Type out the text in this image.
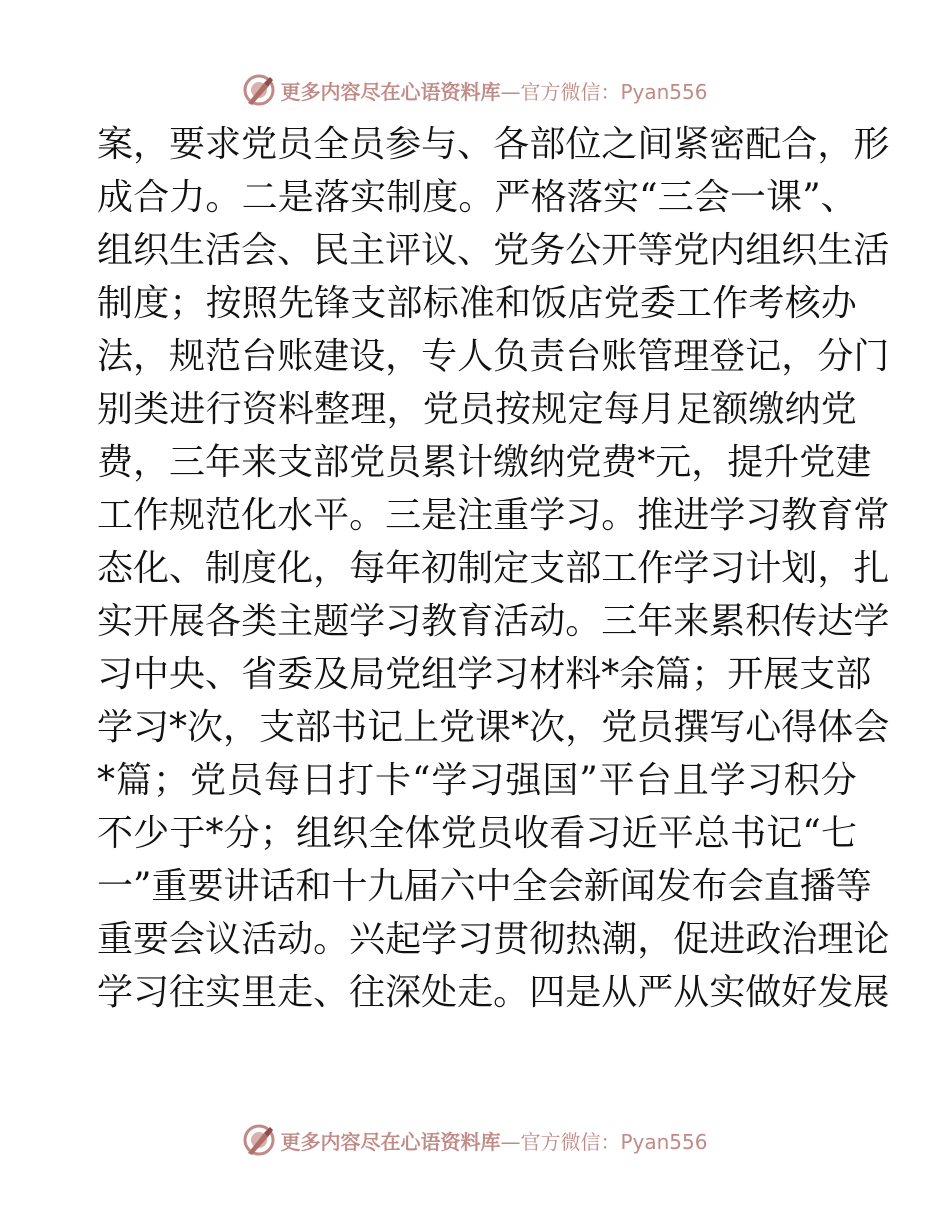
更多内容尽在心语资料库 —官方微信：Pyan556
案 ， 要 求 党 员 全 员 参 与 、 各 部 位 之 间 紧 密 配 合 ， 形
成 合 力 。 二 是 落 实 制 度 。 严 格 落 实 “ 三 会 一 课 ” 、
组 织 生 活 会 、 民 主 评 议 、 党 务 公 开 等 党 内 组 织 生 活
制 度 ； 按 照 先 锋 支 部 标 准 和 饭 店 党 委 工 作 考 核 办
法 ， 规 范 台 账 建 设 ， 专 人 负 责 台 账 管 理 登 记 ， 分 门
别 类 进 行 资 料 整 理 ， 党 员 按 规 定 每 月 足 额 缴 纳 党
费 ， 三 年 来 支 部 党 员 累 计 缴 纳 党 费 * 元 ， 提 升 党 建
工 作 规 范 化 水 平 。 三 是 注 重 学 习 。 推 进 学 习 教 育 常
态 化 、 制 度 化 ， 每 年 初 制 定 支 部 工 作 学 习 计 划 ， 扎
实 开 展 各 类 主 题 学 习 教 育 活 动 。 三 年 来 累 积 传 达 学
习 中 央 、 省 委 及 局 党 组 学 习 材 料 * 余 篇 ； 开 展 支 部
学 习 * 次 ， 支 部 书 记 上 党 课 * 次 ， 党 员 撰 写 心 得 体 会
* 篇 ； 党 员 每 日 打 卡 “ 学 习 强 国 ” 平 台 且 学 习 积 分
不 少 于 * 分 ； 组 织 全 体 党 员 收 看 习 近 平 总 书 记 “ 七
一 ” 重 要 讲 话 和 十 九 届 六 中 全 会 新 闻 发 布 会 直 播 等
重 要 会 议 活 动 。 兴 起 学 习 贯 彻 热 潮 ， 促 进 政 治 理 论
学 习 往 实 里 走 、 往 深 处 走 。 四 是 从 严 从 实 做 好 发 展
更多内容尽在心语资料库 —官方微信：Pyan556
